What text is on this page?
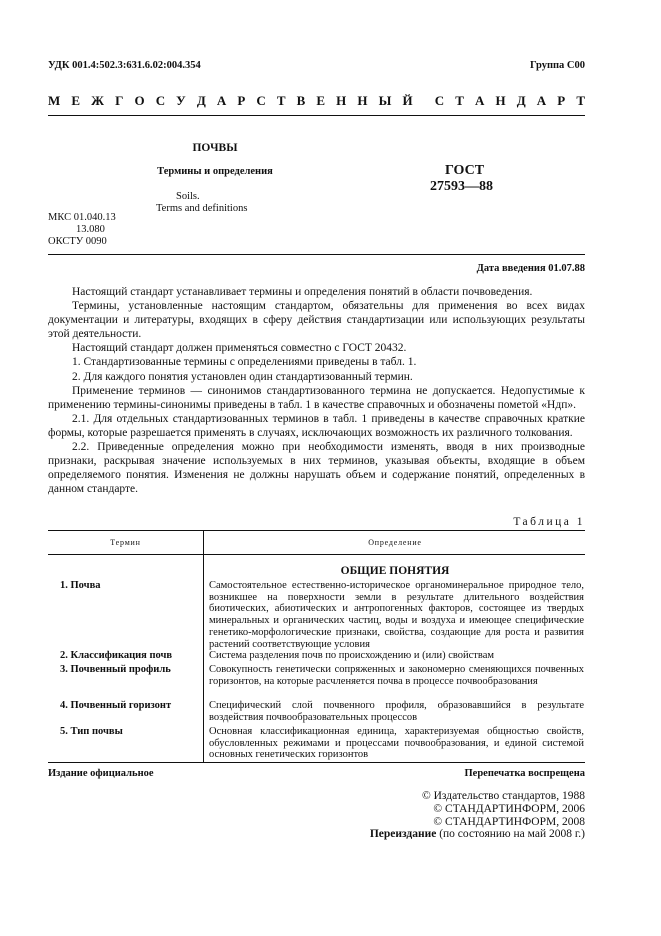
УДК 001.4:502.3:631.6.02:004.354	Группа С00
М Е Ж Г О С У Д А Р С Т В Е Н Н Ы Й С Т А Н Д А Р Т
ПОЧВЫ
Термины и определения
Soils.
Terms and definitions
ГОСТ
27593—88
МКС 01.040.13
13.080
ОКСТУ 0090
Дата введения 01.07.88

Настоящий стандарт устанавливает термины и определения понятий в области почвоведения.

Термины, установленные настоящим стандартом, обязательны для применения во всех видах документации и литературы, входящих в сферу действия стандартизации или использующих результаты этой деятельности.

Настоящий стандарт должен применяться совместно с ГОСТ 20432.

1. Стандартизованные термины с определениями приведены в табл. 1.

2. Для каждого понятия установлен один стандартизованный термин.

Применение терминов — синонимов стандартизованного термина не допускается. Недопустимые к применению термины-синонимы приведены в табл. 1 в качестве справочных и обозначены пометой «Ндп».

2.1. Для отдельных стандартизованных терминов в табл. 1 приведены в качестве справочных краткие формы, которые разрешается применять в случаях, исключающих возможность их различного толкования.

2.2. Приведенные определения можно при необходимости изменять, вводя в них производные признаки, раскрывая значение используемых в них терминов, указывая объекты, входящие в объем определяемого понятия. Изменения не должны нарушать объем и содержание понятий, определенных в данном стандарте.

Таблица 1
Термин	Определение
ОБЩИЕ ПОНЯТИЯ
1. Почва	Самостоятельное естественно-историческое органоминеральное природное тело, возникшее на поверхности земли в результате длительного воздействия биотических, абиотических и антропогенных факторов, состоящее из твердых минеральных и органических частиц, воды и воздуха и имеющее специфические генетико-морфологические признаки, свойства, создающие для роста и развития растений соответствующие условия
2. Классификация почв	Система разделения почв по происхождению и (или) свойствам
3. Почвенный профиль	Совокупность генетически сопряженных и закономерно сменяющихся почвенных горизонтов, на которые расчленяется почва в процессе почвообразования
4. Почвенный горизонт	Специфический слой почвенного профиля, образовавшийся в результате воздействия почвообразовательных процессов
5. Тип почвы	Основная классификационная единица, характеризуемая общностью свойств, обусловленных режимами и процессами почвообразования, и единой системой основных генетических горизонтов
Издание официальное	Перепечатка воспрещена
© Издательство стандартов, 1988
© СТАНДАРТИНФОРМ, 2006
© СТАНДАРТИНФОРМ, 2008
Переиздание (по состоянию на май 2008 г.)
